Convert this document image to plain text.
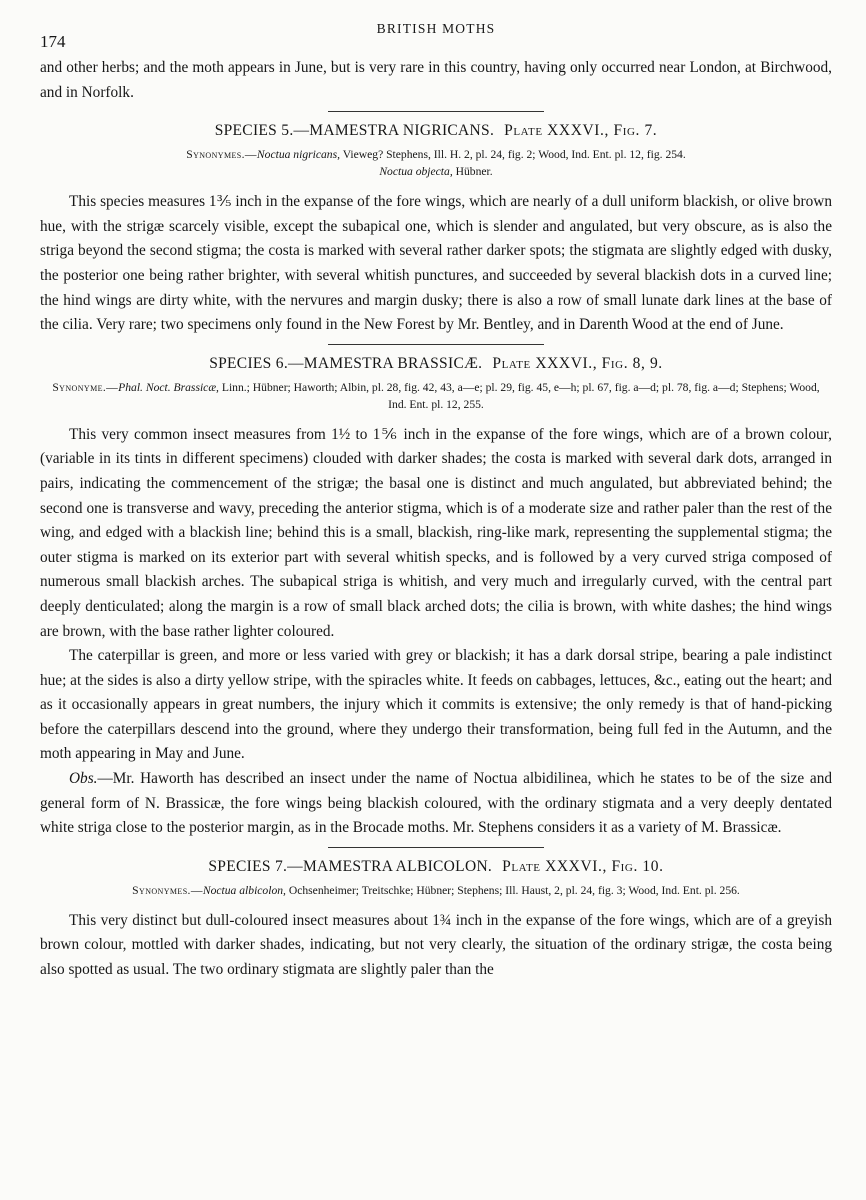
174
BRITISH MOTHS

and other herbs; and the moth appears in June, but is very rare in this country, having only occurred near London, at Birchwood, and in Norfolk.

SPECIES 5.—MAMESTRA NIGRICANS. Plate XXXVI., Fig. 7.
Synonymes.—Noctua nigricans, Vieweg? Stephens, Ill. H. 2, pl. 24, fig. 2; Wood, Ind. Ent. pl. 12, fig. 254.
Noctua objecta, Hübner.

This species measures 1⅗ inch in the expanse of the fore wings, which are nearly of a dull uniform blackish, or olive brown hue, with the strigæ scarcely visible, except the subapical one, which is slender and angulated, but very obscure, as is also the striga beyond the second stigma; the costa is marked with several rather darker spots; the stigmata are slightly edged with dusky, the posterior one being rather brighter, with several whitish punctures, and succeeded by several blackish dots in a curved line; the hind wings are dirty white, with the nervures and margin dusky; there is also a row of small lunate dark lines at the base of the cilia. Very rare; two specimens only found in the New Forest by Mr. Bentley, and in Darenth Wood at the end of June.

SPECIES 6.—MAMESTRA BRASSICÆ. Plate XXXVI., Fig. 8, 9.
Synonyme.—Phal. Noct. Brassicæ, Linn.; Hübner; Haworth; Albin, pl. 28, fig. 42, 43, a—e; pl. 29, fig. 45, e—h; pl. 67, fig. a—d; pl. 78, fig. a—d; Stephens; Wood, Ind. Ent. pl. 12, 255.

This very common insect measures from 1½ to 1⅚ inch in the expanse of the fore wings, which are of a brown colour, (variable in its tints in different specimens) clouded with darker shades; the costa is marked with several dark dots, arranged in pairs, indicating the commencement of the strigæ; the basal one is distinct and much angulated, but abbreviated behind; the second one is transverse and wavy, preceding the anterior stigma, which is of a moderate size and rather paler than the rest of the wing, and edged with a blackish line; behind this is a small, blackish, ring-like mark, representing the supplemental stigma; the outer stigma is marked on its exterior part with several whitish specks, and is followed by a very curved striga composed of numerous small blackish arches. The subapical striga is whitish, and very much and irregularly curved, with the central part deeply denticulated; along the margin is a row of small black arched dots; the cilia is brown, with white dashes; the hind wings are brown, with the base rather lighter coloured.

The caterpillar is green, and more or less varied with grey or blackish; it has a dark dorsal stripe, bearing a pale indistinct hue; at the sides is also a dirty yellow stripe, with the spiracles white. It feeds on cabbages, lettuces, &c., eating out the heart; and as it occasionally appears in great numbers, the injury which it commits is extensive; the only remedy is that of hand-picking before the caterpillars descend into the ground, where they undergo their transformation, being full fed in the Autumn, and the moth appearing in May and June.

Obs.—Mr. Haworth has described an insect under the name of Noctua albidilinea, which he states to be of the size and general form of N. Brassicæ, the fore wings being blackish coloured, with the ordinary stigmata and a very deeply dentated white striga close to the posterior margin, as in the Brocade moths. Mr. Stephens considers it as a variety of M. Brassicæ.

SPECIES 7.—MAMESTRA ALBICOLON. Plate XXXVI., Fig. 10.
Synonymes.—Noctua albicolon, Ochsenheimer; Treitschke; Hübner; Stephens; Ill. Haust, 2, pl. 24, fig. 3; Wood, Ind. Ent. pl. 256.

This very distinct but dull-coloured insect measures about 1¾ inch in the expanse of the fore wings, which are of a greyish brown colour, mottled with darker shades, indicating, but not very clearly, the situation of the ordinary strigæ, the costa being also spotted as usual. The two ordinary stigmata are slightly paler than the
